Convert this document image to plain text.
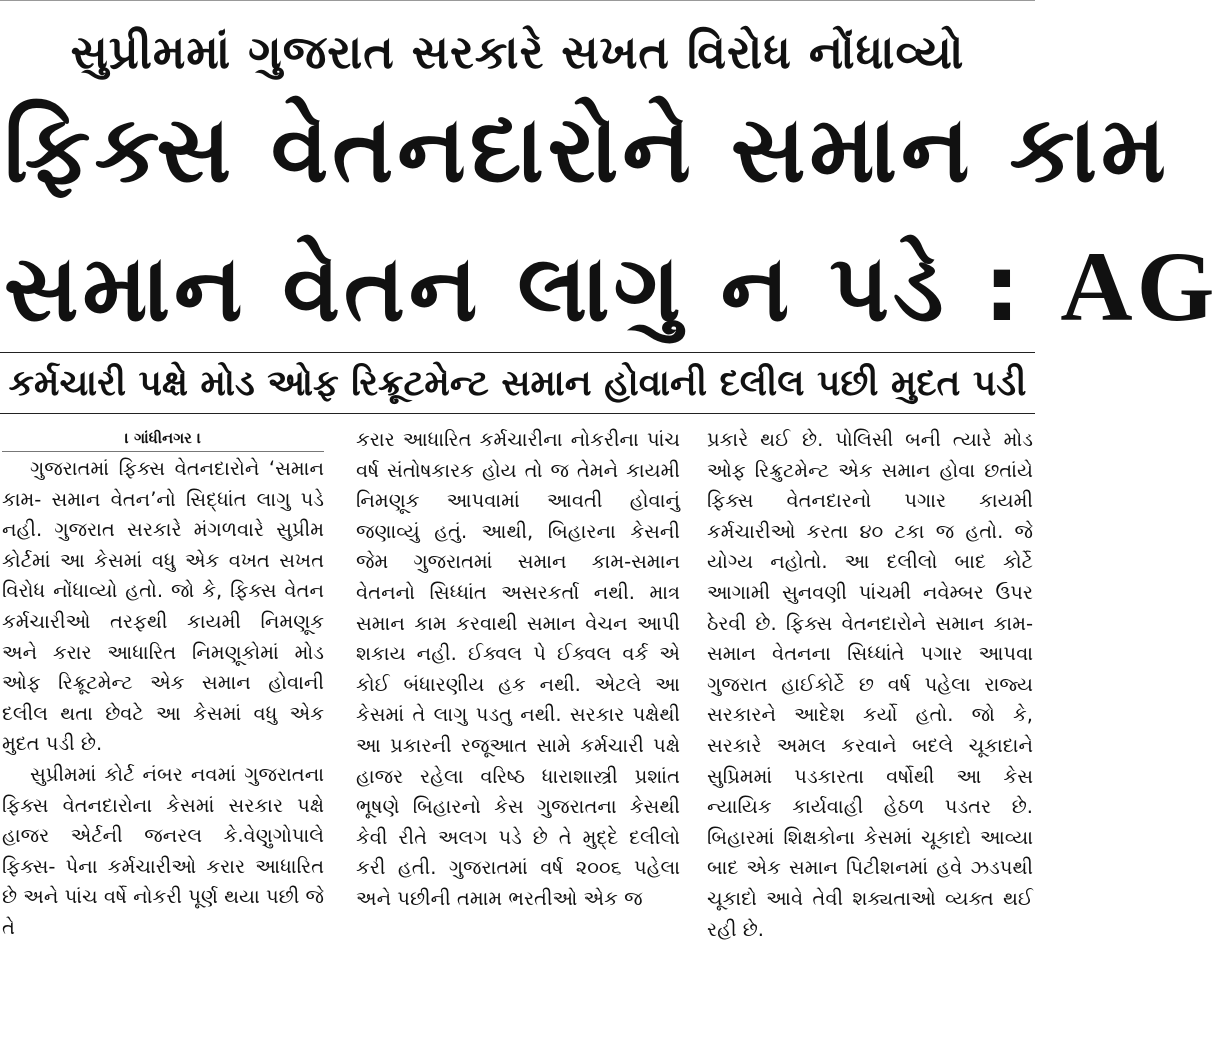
સુપ્રીમમાં ગુજરાત સરકારે સખત વિરોધ નોંધાવ્યો
ફિક્સ વેતનદારોને સમાન કામ
સમાન વેતન લાગુ ન પડે : AG
કર્મચારી પક્ષે મોડ ઓફ રિક્રૂટમેન્ટ સમાન હોવાની દલીલ પછી મુદત પડી
। ગાંધીનગર ।

ગુજરાતમાં ફિક્સ વેતનદારોને ‘સમાન કામ- સમાન વેતન’નો સિદ્ધાંત લાગુ પડે નહી. ગુજરાત સરકારે મંગળવારે સુપ્રીમ કોર્ટમાં આ કેસમાં વધુ એક વખત સખત વિરોધ નોંધાવ્યો હતો. જો કે, ફિક્સ વેતન કર્મચારીઓ તરફથી કાયમી નિમણૂક અને કરાર આધારિત નિમણૂકોમાં મોડ ઓફ રિક્રૂટમેન્ટ એક સમાન હોવાની દલીલ થતા છેવટે આ કેસમાં વધુ એક મુદત પડી છે.

સુપ્રીમમાં કોર્ટ નંબર નવમાં ગુજરાતના ફિક્સ વેતનદારોના કેસમાં સરકાર પક્ષે હાજર એર્ટની જનરલ કે.વેણુગોપાલે ફિક્સ- પેના કર્મચારીઓ કરાર આધારિત છે અને પાંચ વર્ષે નોકરી પૂર્ણ થયા પછી જે તે

કરાર આધારિત કર્મચારીના નોકરીના પાંચ વર્ષ સંતોષકારક હોય તો જ તેમને કાયમી નિમણૂક આપવામાં આવતી હોવાનું જણાવ્યું હતું. આથી, બિહારના કેસની જેમ ગુજરાતમાં સમાન કામ-સમાન વેતનનો સિધ્ધાંત અસરકર્તા નથી. માત્ર સમાન કામ કરવાથી સમાન વેચન આપી શકાય નહી. ઈક્વલ પે ઈક્વલ વર્ક એ કોઈ બંધારણીય હક નથી. એટલે આ કેસમાં તે લાગુ પડતુ નથી. સરકાર પક્ષેથી આ પ્રકારની રજૂઆત સામે કર્મચારી પક્ષે હાજર રહેલા વરિષ્ઠ ધારાશાસ્ત્રી પ્રશાંત ભૂષણે બિહારનો કેસ ગુજરાતના કેસથી કેવી રીતે અલગ પડે છે તે મુદ્દે દલીલો કરી હતી. ગુજરાતમાં વર્ષ ૨૦૦૬ પહેલા અને પછીની તમામ ભરતીઓ એક જ

પ્રકારે થઈ છે. પોલિસી બની ત્યારે મોડ ઓફ રિક્રુટમેન્ટ એક સમાન હોવા છતાંયે ફિક્સ વેતનદારનો પગાર કાયમી કર્મચારીઓ કરતા ૪૦ ટકા જ હતો. જે યોગ્ય નહોતો. આ દલીલો બાદ કોર્ટે આગામી સુનવણી પાંચમી નવેમ્બર ઉપર ઠેરવી છે. ફિક્સ વેતનદારોને સમાન કામ- સમાન વેતનના સિધ્ધાંતે પગાર આપવા ગુજરાત હાઈકોર્ટે છ વર્ષ પહેલા રાજ્ય સરકારને આદેશ કર્યો હતો. જો કે, સરકારે અમલ કરવાને બદલે ચૂકાદાને સુપ્રિમમાં પડકારતા વર્ષોથી આ કેસ ન્યાયિક કાર્યવાહી હેઠળ પડતર છે. બિહારમાં શિક્ષકોના કેસમાં ચૂકાદો આવ્યા બાદ એક સમાન પિટીશનમાં હવે ઝડપથી ચૂકાદો આવે તેવી શક્યતાઓ વ્યક્ત થઈ રહી છે.
